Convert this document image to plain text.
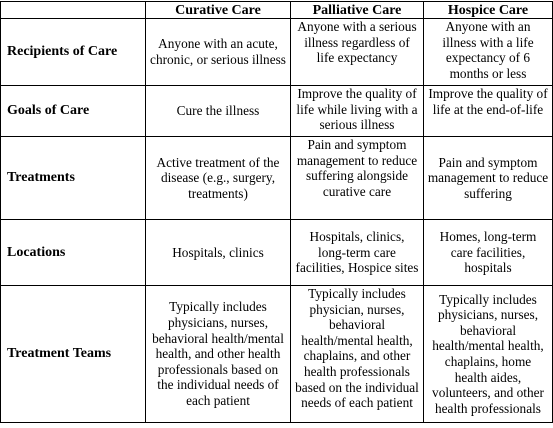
	Curative Care	Palliative Care	Hospice Care
Recipients of Care	Anyone with an acute, chronic, or serious illness	Anyone with a serious illness regardless of life expectancy	Anyone with an illness with a life expectancy of 6 months or less
Goals of Care	Cure the illness	Improve the quality of life while living with a serious illness	Improve the quality of life at the end-of-life
Treatments	Active treatment of the disease (e.g., surgery, treatments)	Pain and symptom management to reduce suffering alongside curative care	Pain and symptom management to reduce suffering
Locations	Hospitals, clinics	Hospitals, clinics, long-term care facilities, Hospice sites	Homes, long-term care facilities, hospitals
Treatment Teams	Typically includes physicians, nurses, behavioral health/mental health, and other health professionals based on the individual needs of each patient	Typically includes physician, nurses, behavioral health/mental health, chaplains, and other health professionals based on the individual needs of each patient	Typically includes physicians, nurses, behavioral health/mental health, chaplains, home health aides, volunteers, and other health professionals
